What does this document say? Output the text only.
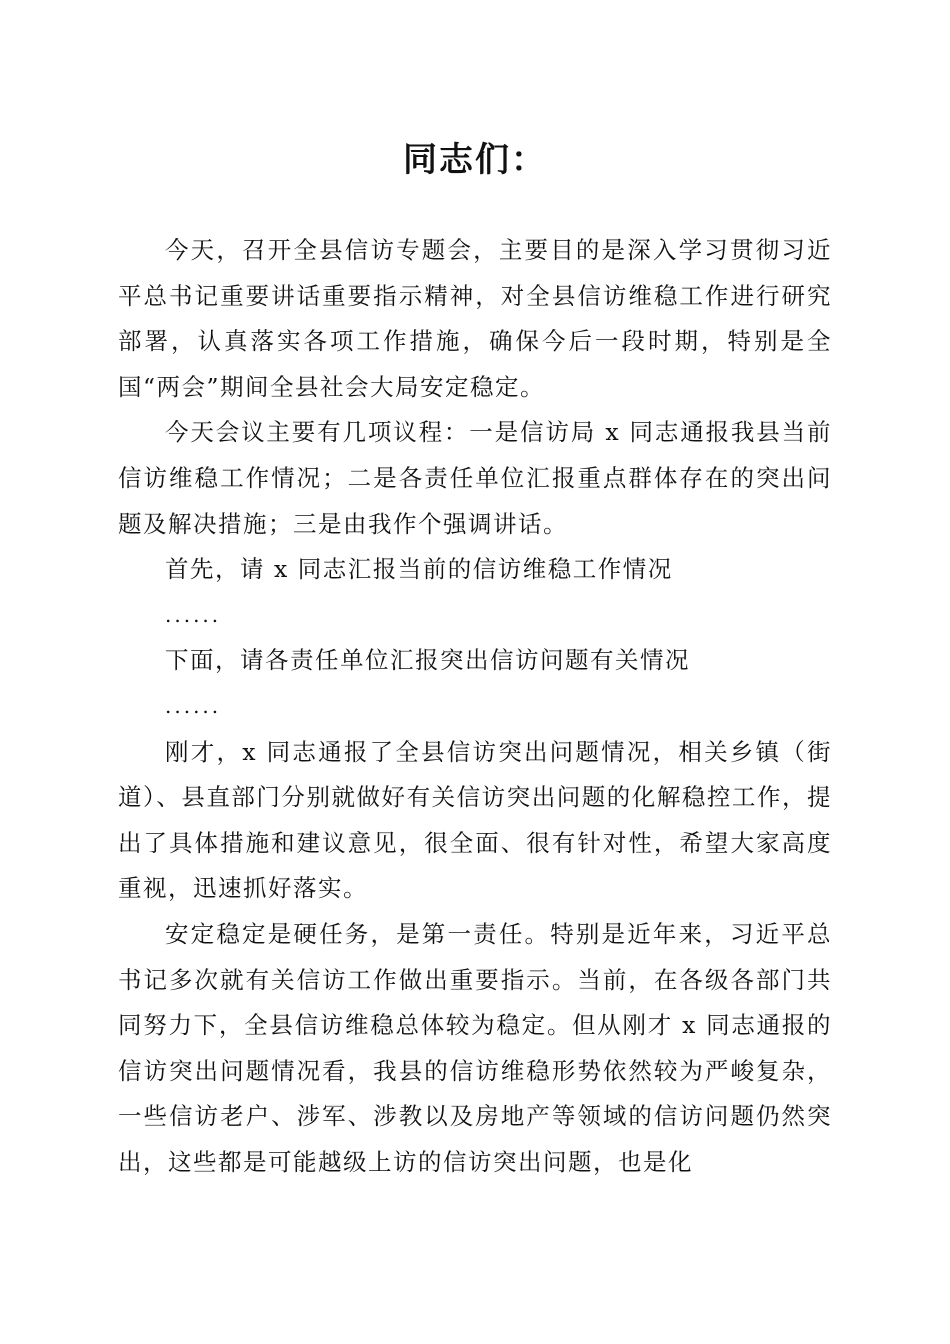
同志们：

今天，召开全县信访专题会，主要目的是深入学习贯彻习近平总书记重要讲话重要指示精神，对全县信访维稳工作进行研究部署，认真落实各项工作措施，确保今后一段时期，特别是全国“两会”期间全县社会大局安定稳定。

今天会议主要有几项议程：一是信访局 x 同志通报我县当前信访维稳工作情况；二是各责任单位汇报重点群体存在的突出问题及解决措施；三是由我作个强调讲话。

首先，请 x 同志汇报当前的信访维稳工作情况

......

下面，请各责任单位汇报突出信访问题有关情况

......

刚才，x 同志通报了全县信访突出问题情况，相关乡镇（街道）、县直部门分别就做好有关信访突出问题的化解稳控工作，提出了具体措施和建议意见，很全面、很有针对性，希望大家高度重视，迅速抓好落实。

安定稳定是硬任务，是第一责任。特别是近年来，习近平总书记多次就有关信访工作做出重要指示。当前，在各级各部门共同努力下，全县信访维稳总体较为稳定。但从刚才 x 同志通报的信访突出问题情况看，我县的信访维稳形势依然较为严峻复杂，一些信访老户、涉军、涉教以及房地产等领域的信访问题仍然突出，这些都是可能越级上访的信访突出问题，也是化
